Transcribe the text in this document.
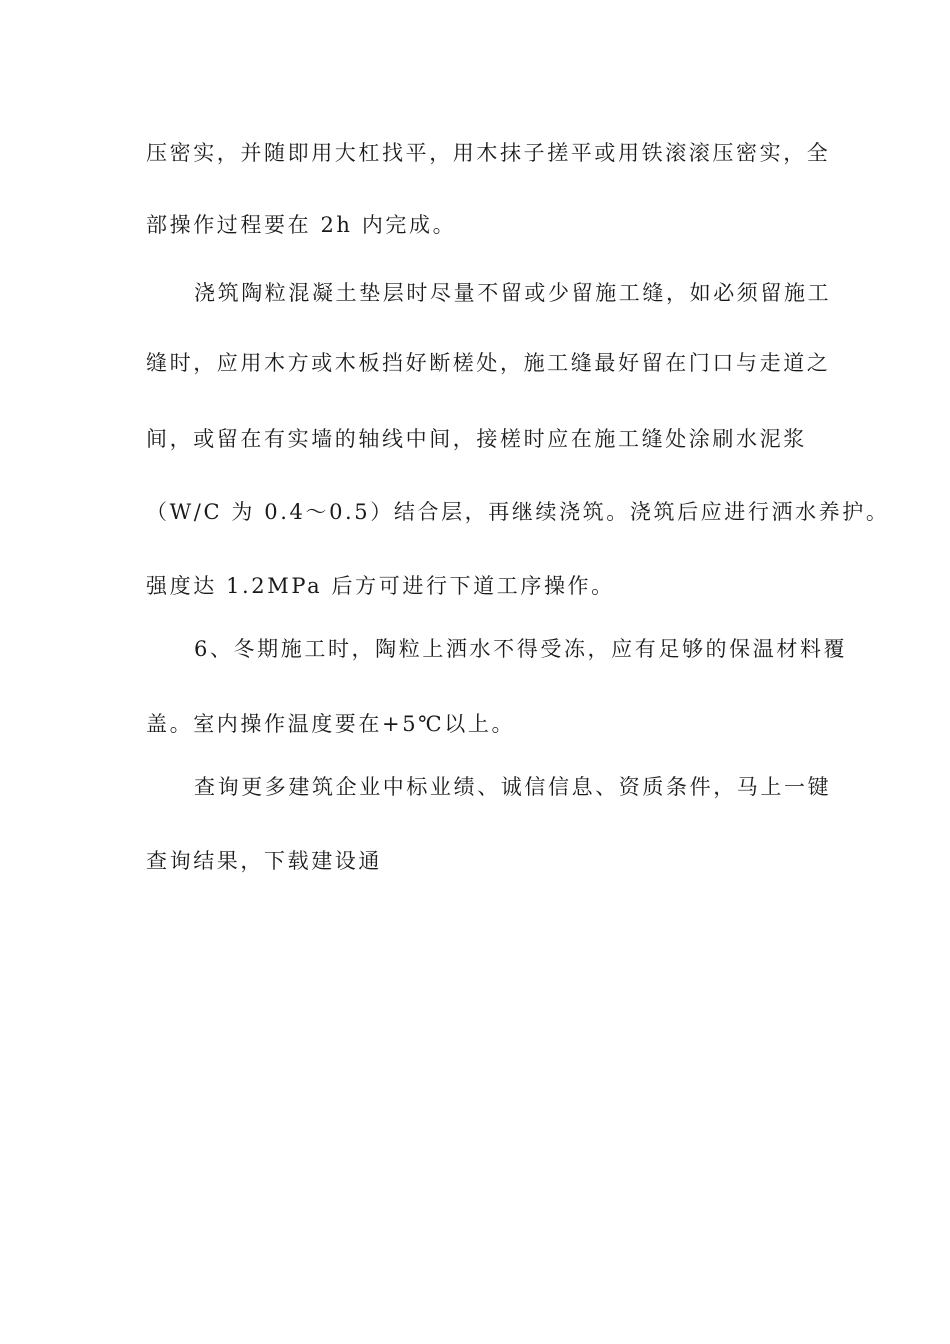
压密实，并随即用大杠找平，用木抹子搓平或用铁滚滚压密实，全
部操作过程要在 2h 内完成。
浇筑陶粒混凝土垫层时尽量不留或少留施工缝，如必须留施工
缝时，应用木方或木板挡好断槎处，施工缝最好留在门口与走道之
间，或留在有实墙的轴线中间，接槎时应在施工缝处涂刷水泥浆
（W/C 为 0.4～0.5）结合层，再继续浇筑。浇筑后应进行洒水养护。
强度达 1.2MPa 后方可进行下道工序操作。
6、冬期施工时，陶粒上洒水不得受冻，应有足够的保温材料覆
盖。室内操作温度要在+5℃以上。
查询更多建筑企业中标业绩、诚信信息、资质条件，马上一键
查询结果，下载建设通
